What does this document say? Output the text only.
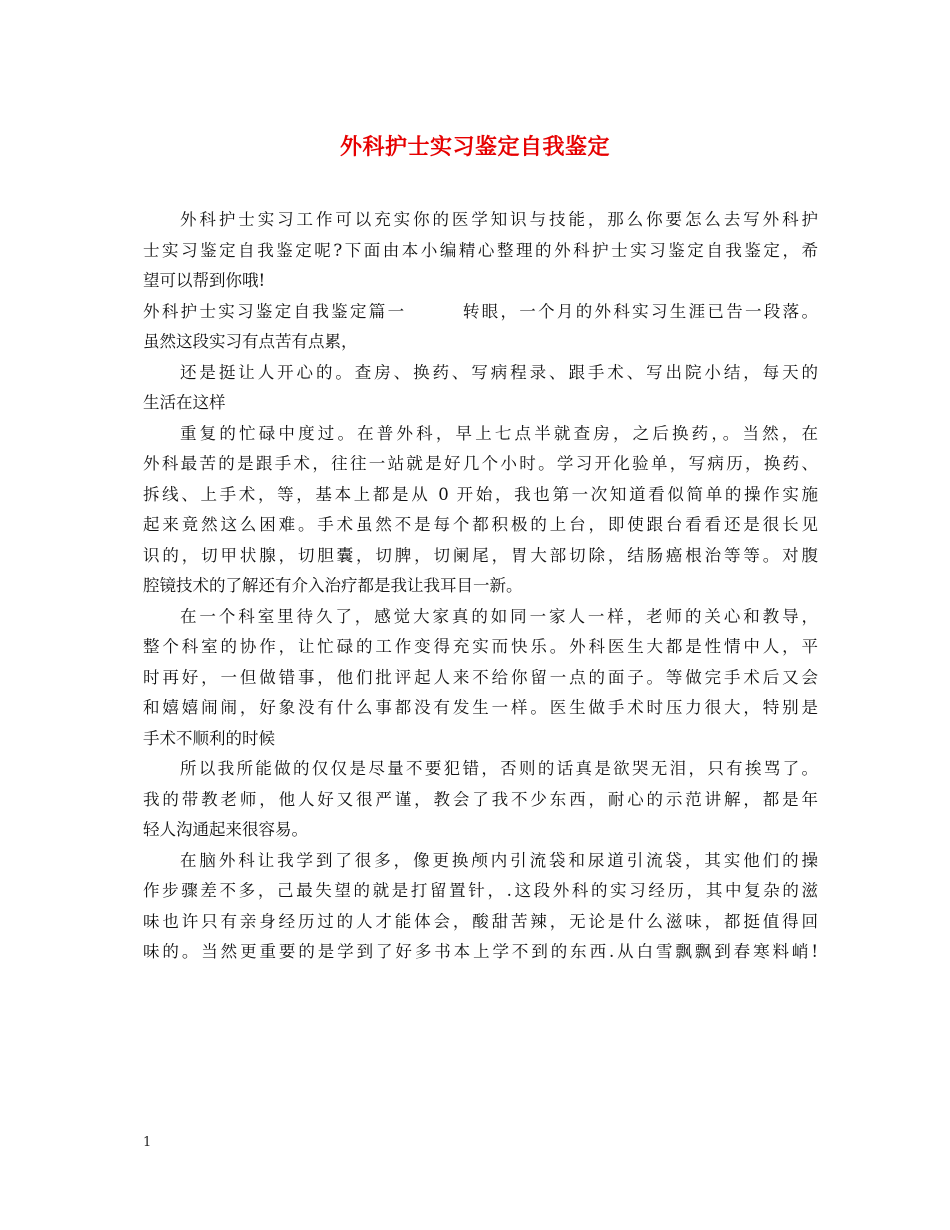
外科护士实习鉴定自我鉴定
外科护士实习工作可以充实你的医学知识与技能，那么你要怎么去写外科护
士实习鉴定自我鉴定呢?下面由本小编精心整理的外科护士实习鉴定自我鉴定，希
望可以帮到你哦!
外科护士实习鉴定自我鉴定篇一　　　转眼，一个月的外科实习生涯已告一段落。
虽然这段实习有点苦有点累，
还是挺让人开心的。查房、换药、写病程录、跟手术、写出院小结，每天的
生活在这样
重复的忙碌中度过。在普外科，早上七点半就查房，之后换药，。当然，在
外科最苦的是跟手术，往往一站就是好几个小时。学习开化验单，写病历，换药、
拆线、上手术，等，基本上都是从 0 开始，我也第一次知道看似简单的操作实施
起来竟然这么困难。手术虽然不是每个都积极的上台，即使跟台看看还是很长见
识的，切甲状腺，切胆囊，切脾，切阑尾，胃大部切除，结肠癌根治等等。对腹
腔镜技术的了解还有介入治疗都是我让我耳目一新。
在一个科室里待久了，感觉大家真的如同一家人一样，老师的关心和教导，
整个科室的协作，让忙碌的工作变得充实而快乐。外科医生大都是性情中人，平
时再好，一但做错事，他们批评起人来不给你留一点的面子。等做完手术后又会
和嬉嬉闹闹，好象没有什么事都没有发生一样。医生做手术时压力很大，特别是
手术不顺利的时候
所以我所能做的仅仅是尽量不要犯错，否则的话真是欲哭无泪，只有挨骂了。
我的带教老师，他人好又很严谨，教会了我不少东西，耐心的示范讲解，都是年
轻人沟通起来很容易。
在脑外科让我学到了很多，像更换颅内引流袋和尿道引流袋，其实他们的操
作步骤差不多，己最失望的就是打留置针，.这段外科的实习经历，其中复杂的滋
味也许只有亲身经历过的人才能体会，酸甜苦辣，无论是什么滋味，都挺值得回
味的。当然更重要的是学到了好多书本上学不到的东西.从白雪飘飘到春寒料峭!
1
